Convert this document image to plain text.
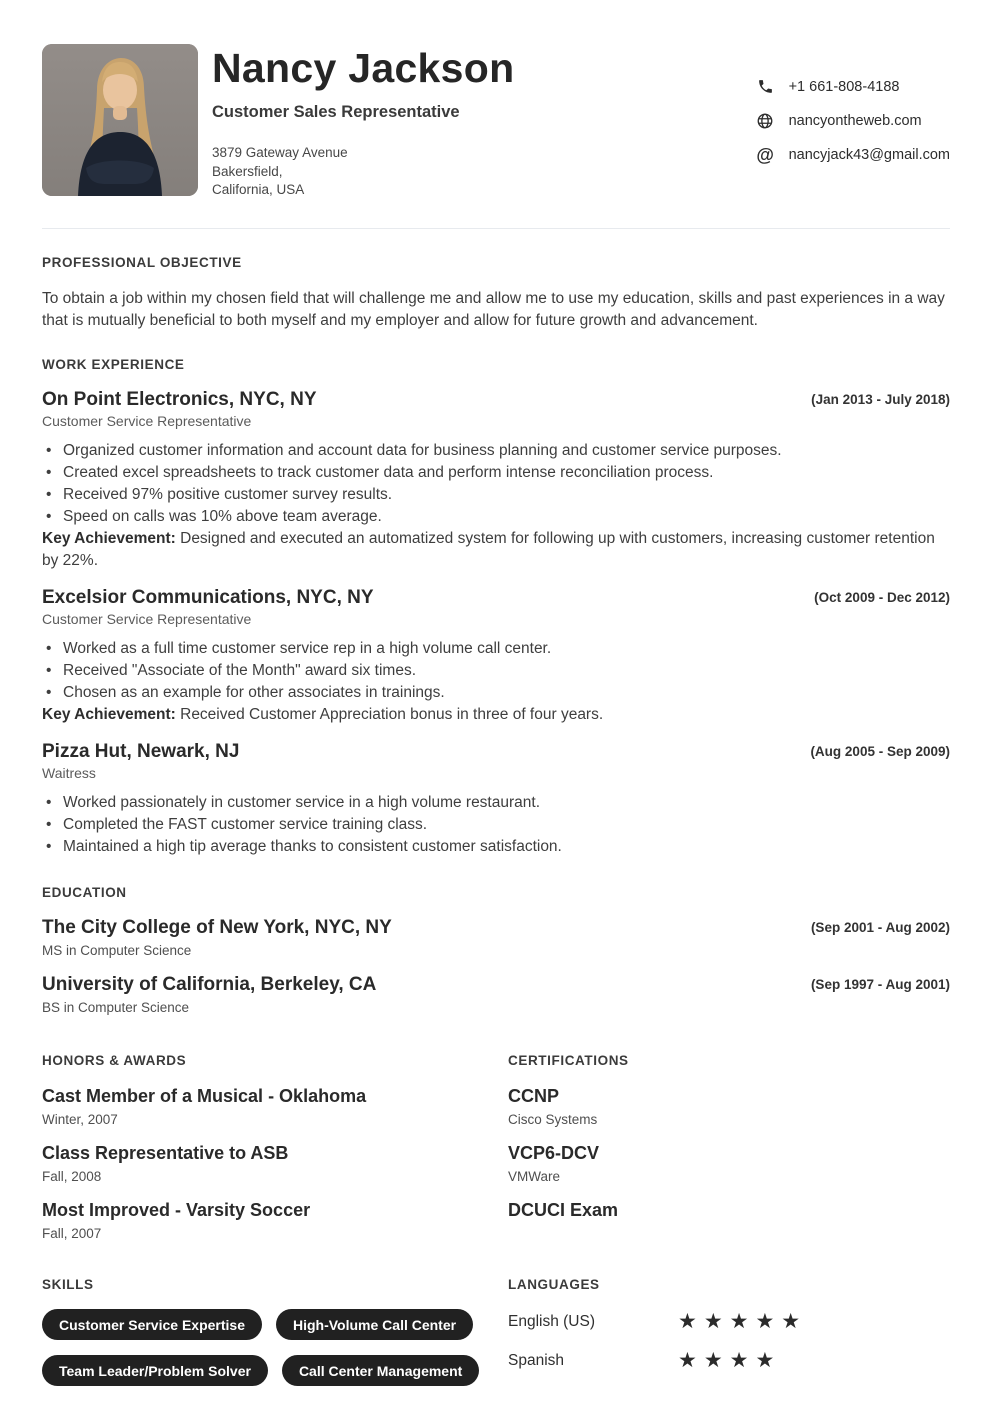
Nancy Jackson
Customer Sales Representative
3879 Gateway Avenue
Bakersfield,
California, USA
+1 661-808-4188
nancyontheweb.com
@ nancyjack43@gmail.com
PROFESSIONAL OBJECTIVE
To obtain a job within my chosen field that will challenge me and allow me to use my education, skills and past experiences in a way that is mutually beneficial to both myself and my employer and allow for future growth and advancement.
WORK EXPERIENCE
On Point Electronics, NYC, NY	(Jan 2013 - July 2018)
Customer Service Representative
• Organized customer information and account data for business planning and customer service purposes.
• Created excel spreadsheets to track customer data and perform intense reconciliation process.
• Received 97% positive customer survey results.
• Speed on calls was 10% above team average.
Key Achievement: Designed and executed an automatized system for following up with customers, increasing customer retention by 22%.
Excelsior Communications, NYC, NY	(Oct 2009 - Dec 2012)
Customer Service Representative
• Worked as a full time customer service rep in a high volume call center.
• Received "Associate of the Month" award six times.
• Chosen as an example for other associates in trainings.
Key Achievement: Received Customer Appreciation bonus in three of four years.
Pizza Hut, Newark, NJ	(Aug 2005 - Sep 2009)
Waitress
• Worked passionately in customer service in a high volume restaurant.
• Completed the FAST customer service training class.
• Maintained a high tip average thanks to consistent customer satisfaction.
EDUCATION
The City College of New York, NYC, NY	(Sep 2001 - Aug 2002)
MS in Computer Science
University of California, Berkeley, CA	(Sep 1997 - Aug 2001)
BS in Computer Science
HONORS & AWARDS
Cast Member of a Musical - Oklahoma
Winter, 2007
Class Representative to ASB
Fall, 2008
Most Improved - Varsity Soccer
Fall, 2007
CERTIFICATIONS
CCNP
Cisco Systems
VCP6-DCV
VMWare
DCUCI Exam
SKILLS
Customer Service Expertise	High-Volume Call Center
Team Leader/Problem Solver	Call Center Management
LANGUAGES
English (US)	★★★★★
Spanish	★★★★
